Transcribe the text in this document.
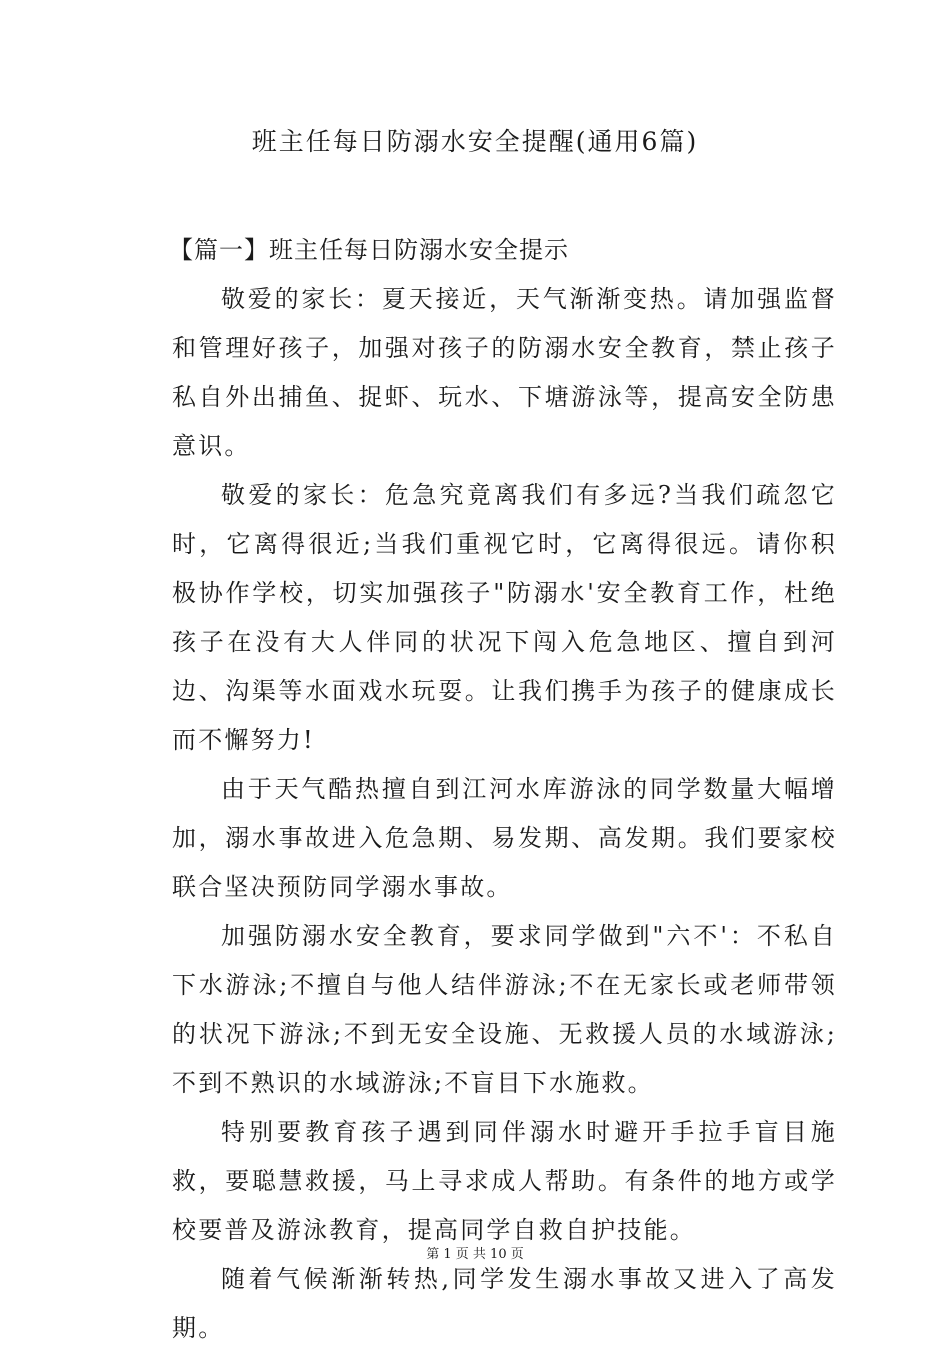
班主任每日防溺水安全提醒(通用6篇)

【篇一】班主任每日防溺水安全提示

敬爱的家长：夏天接近，天气渐渐变热。请加强监督和管理好孩子，加强对孩子的防溺水安全教育，禁止孩子私自外出捕鱼、捉虾、玩水、下塘游泳等，提高安全防患意识。

敬爱的家长：危急究竟离我们有多远?当我们疏忽它时，它离得很近;当我们重视它时，它离得很远。请你积极协作学校，切实加强孩子"防溺水'安全教育工作，杜绝孩子在没有大人伴同的状况下闯入危急地区、擅自到河边、沟渠等水面戏水玩耍。让我们携手为孩子的健康成长而不懈努力!

由于天气酷热擅自到江河水库游泳的同学数量大幅增加，溺水事故进入危急期、易发期、高发期。我们要家校联合坚决预防同学溺水事故。

加强防溺水安全教育，要求同学做到"六不'：不私自下水游泳;不擅自与他人结伴游泳;不在无家长或老师带领的状况下游泳;不到无安全设施、无救援人员的水域游泳;不到不熟识的水域游泳;不盲目下水施救。

特别要教育孩子遇到同伴溺水时避开手拉手盲目施救，要聪慧救援，马上寻求成人帮助。有条件的地方或学校要普及游泳教育，提高同学自救自护技能。

随着气候渐渐转热,同学发生溺水事故又进入了高发期。

第 1 页 共 10 页
